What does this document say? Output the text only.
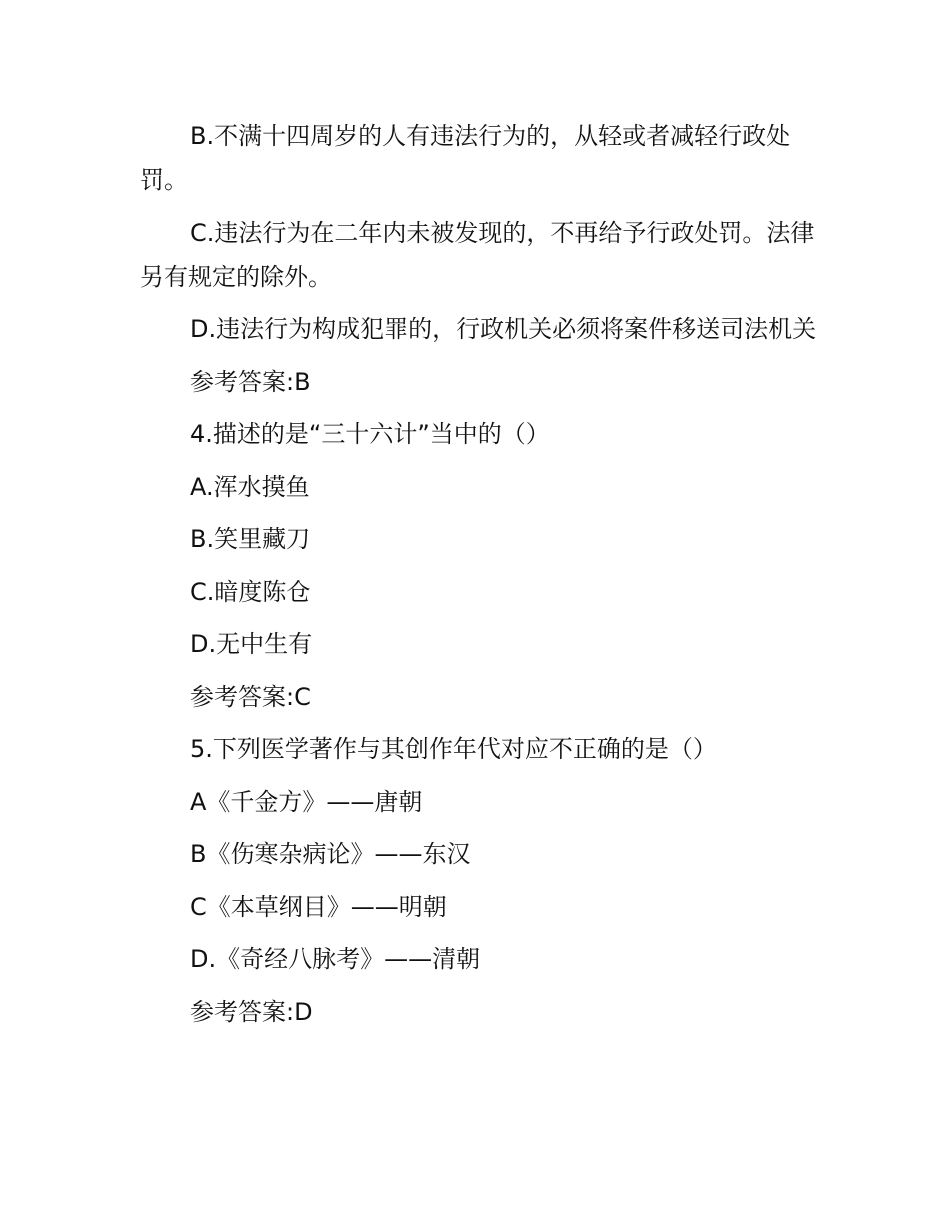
B.不满十四周岁的人有违法行为的，从轻或者减轻行政处罚。

C.违法行为在二年内未被发现的，不再给予行政处罚。法律另有规定的除外。

D.违法行为构成犯罪的，行政机关必须将案件移送司法机关

参考答案:B

4.描述的是“三十六计”当中的（）

A.浑水摸鱼

B.笑里藏刀

C.暗度陈仓

D.无中生有

参考答案:C

5.下列医学著作与其创作年代对应不正确的是（）

A《千金方》——唐朝

B《伤寒杂病论》——东汉

C《本草纲目》——明朝

D.《奇经八脉考》——清朝

参考答案:D
